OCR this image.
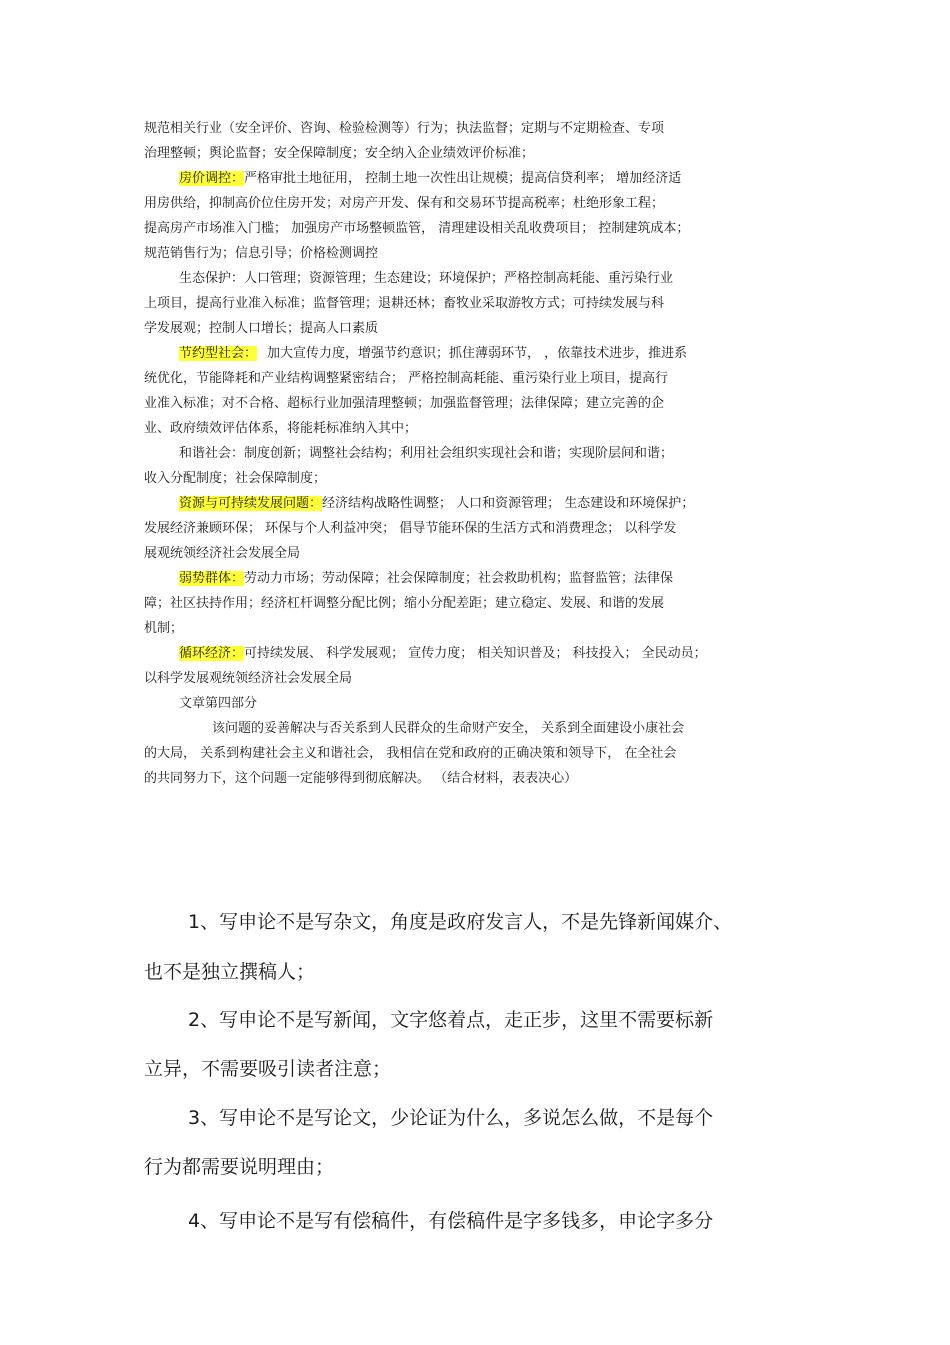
规范相关行业（安全评价、咨询、检验检测等）行为；执法监督；定期与不定期检查、专项
治理整顿；舆论监督；安全保障制度；安全纳入企业绩效评价标准；
房价调控：严格审批土地征用， 控制土地一次性出让规模；提高信贷利率； 增加经济适
用房供给，抑制高价位住房开发；对房产开发、保有和交易环节提高税率；杜绝形象工程；
提高房产市场准入门槛； 加强房产市场整顿监管， 清理建设相关乱收费项目； 控制建筑成本；
规范销售行为；信息引导；价格检测调控
生态保护：人口管理；资源管理；生态建设；环境保护；严格控制高耗能、重污染行业
上项目，提高行业准入标准；监督管理；退耕还林；畜牧业采取游牧方式；可持续发展与科
学发展观；控制人口增长；提高人口素质
节约型社会： 加大宣传力度，增强节约意识；抓住薄弱环节， ，依靠技术进步，推进系
统优化，节能降耗和产业结构调整紧密结合； 严格控制高耗能、重污染行业上项目，提高行
业准入标准；对不合格、超标行业加强清理整顿；加强监督管理；法律保障；建立完善的企
业、政府绩效评估体系，将能耗标准纳入其中；
和谐社会：制度创新；调整社会结构；利用社会组织实现社会和谐；实现阶层间和谐；
收入分配制度；社会保障制度；
资源与可持续发展问题：经济结构战略性调整； 人口和资源管理； 生态建设和环境保护；
发展经济兼顾环保； 环保与个人利益冲突； 倡导节能环保的生活方式和消费理念； 以科学发
展观统领经济社会发展全局
弱势群体：劳动力市场；劳动保障；社会保障制度；社会救助机构；监督监管；法律保
障；社区扶持作用；经济杠杆调整分配比例；缩小分配差距；建立稳定、发展、和谐的发展
机制；
循环经济：可持续发展、 科学发展观； 宣传力度； 相关知识普及； 科技投入； 全民动员；
以科学发展观统领经济社会发展全局
文章第四部分
该问题的妥善解决与否关系到人民群众的生命财产安全， 关系到全面建设小康社会
的大局， 关系到构建社会主义和谐社会， 我相信在党和政府的正确决策和领导下， 在全社会
的共同努力下，这个问题一定能够得到彻底解决。 （结合材料，表表决心）
1、写申论不是写杂文，角度是政府发言人，不是先锋新闻媒介、
也不是独立撰稿人；
2、写申论不是写新闻，文字悠着点，走正步，这里不需要标新
立异，不需要吸引读者注意；
3、写申论不是写论文，少论证为什么，多说怎么做，不是每个
行为都需要说明理由；
4、写申论不是写有偿稿件，有偿稿件是字多钱多，申论字多分
